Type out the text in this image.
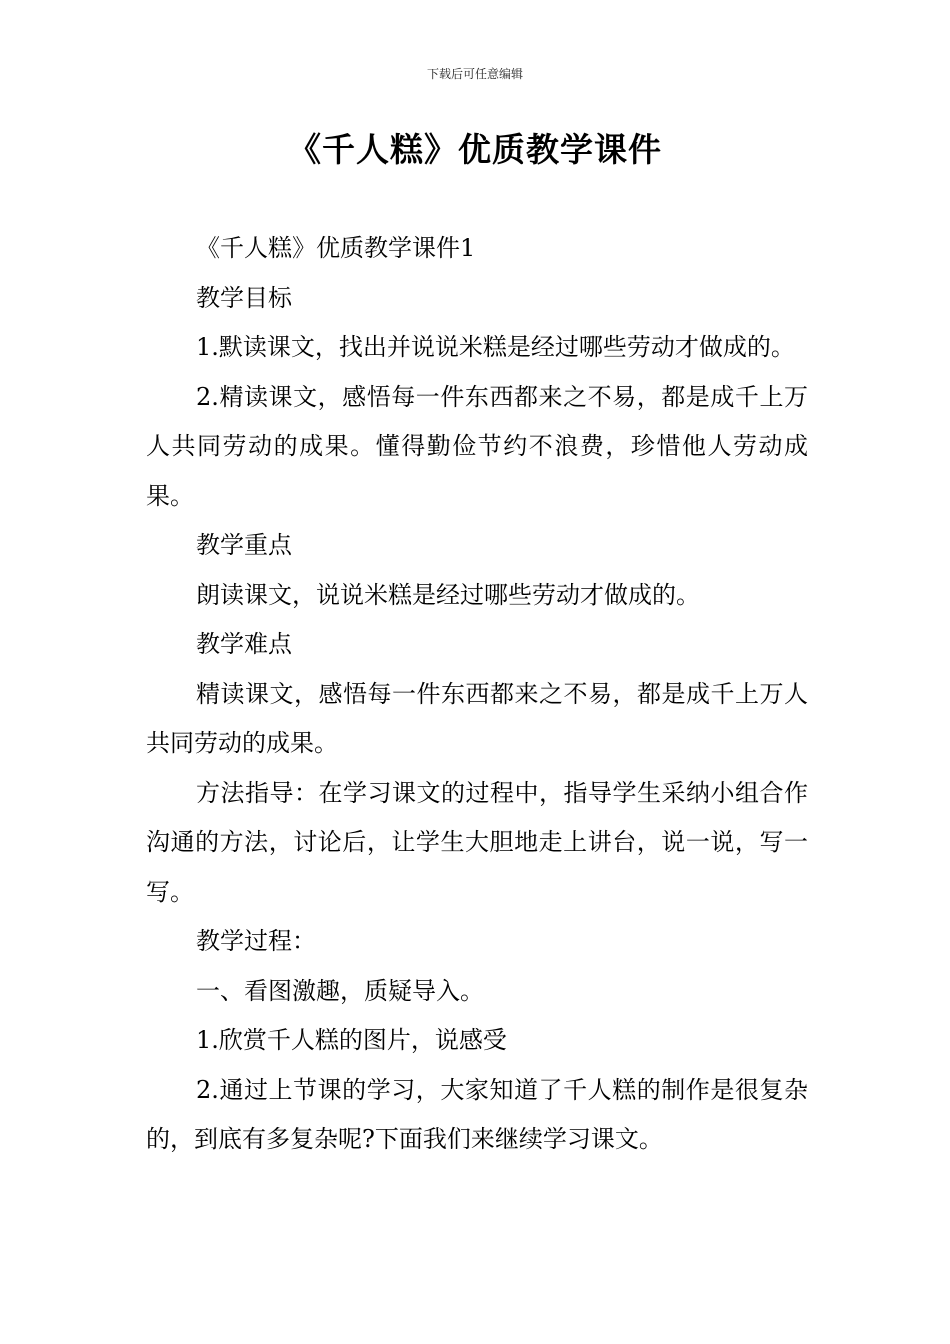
下载后可任意编辑
《千人糕》优质教学课件

《千人糕》优质教学课件1

教学目标

1.默读课文，找出并说说米糕是经过哪些劳动才做成的。

2.精读课文，感悟每一件东西都来之不易，都是成千上万人共同劳动的成果。懂得勤俭节约不浪费，珍惜他人劳动成果。

教学重点

朗读课文，说说米糕是经过哪些劳动才做成的。

教学难点

精读课文，感悟每一件东西都来之不易，都是成千上万人共同劳动的成果。

方法指导：在学习课文的过程中，指导学生采纳小组合作沟通的方法，讨论后，让学生大胆地走上讲台，说一说，写一写。

教学过程：

一、看图激趣，质疑导入。

1.欣赏千人糕的图片，说感受

2.通过上节课的学习，大家知道了千人糕的制作是很复杂的，到底有多复杂呢?下面我们来继续学习课文。
